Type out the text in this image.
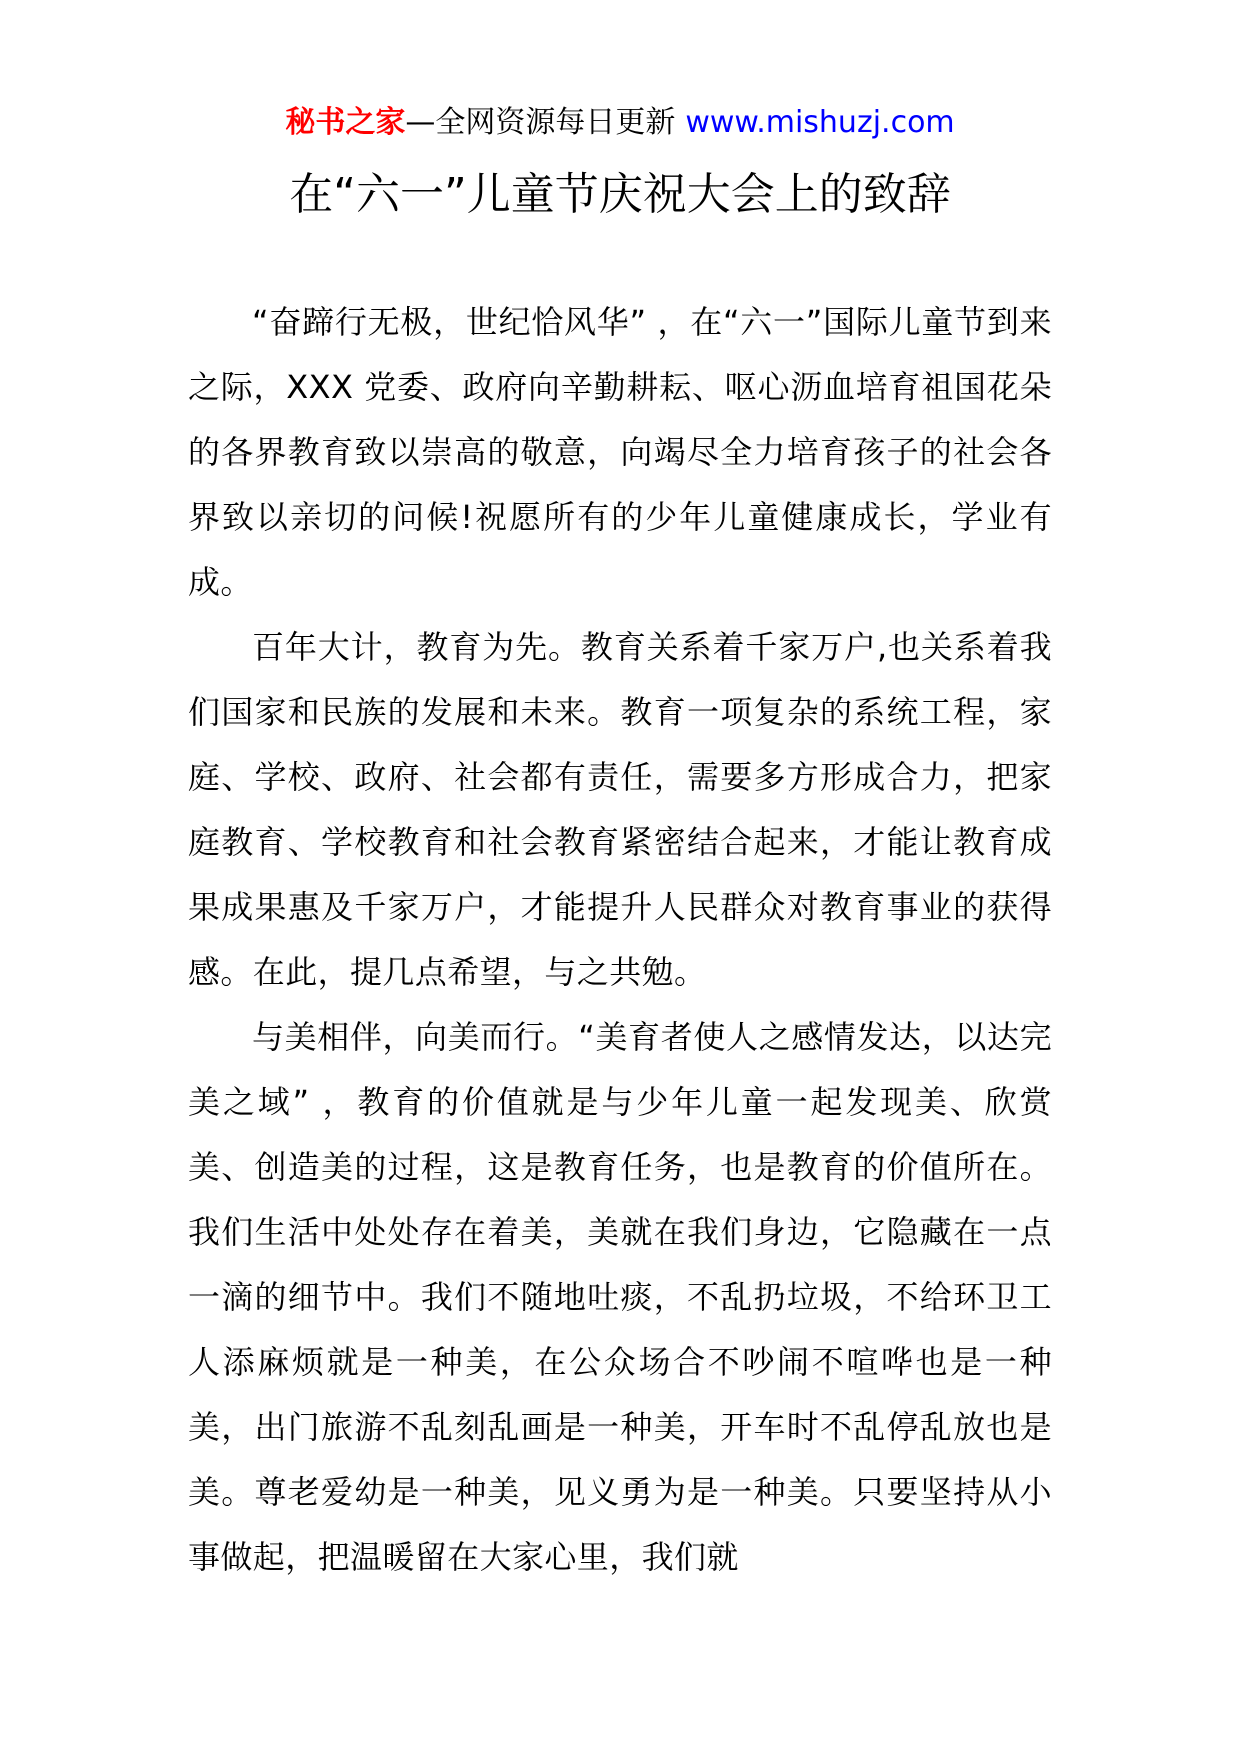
秘书之家—全网资源每日更新 www.mishuzj.com
在“六一”儿童节庆祝大会上的致辞

“奋蹄行无极，世纪恰风华” ，在“六一”国际儿童节到来之际，XXX 党委、政府向辛勤耕耘、呕心沥血培育祖国花朵的各界教育致以崇高的敬意，向竭尽全力培育孩子的社会各界致以亲切的问候!祝愿所有的少年儿童健康成长，学业有成。

百年大计，教育为先。教育关系着千家万户,也关系着我们国家和民族的发展和未来。教育一项复杂的系统工程，家庭、学校、政府、社会都有责任，需要多方形成合力，把家庭教育、学校教育和社会教育紧密结合起来，才能让教育成果成果惠及千家万户，才能提升人民群众对教育事业的获得感。在此，提几点希望，与之共勉。

与美相伴，向美而行。“美育者使人之感情发达，以达完美之域” ，教育的价值就是与少年儿童一起发现美、欣赏美、创造美的过程，这是教育任务，也是教育的价值所在。我们生活中处处存在着美，美就在我们身边，它隐藏在一点一滴的细节中。我们不随地吐痰，不乱扔垃圾，不给环卫工人添麻烦就是一种美，在公众场合不吵闹不喧哗也是一种美，出门旅游不乱刻乱画是一种美，开车时不乱停乱放也是美。尊老爱幼是一种美，见义勇为是一种美。只要坚持从小事做起，把温暖留在大家心里，我们就
